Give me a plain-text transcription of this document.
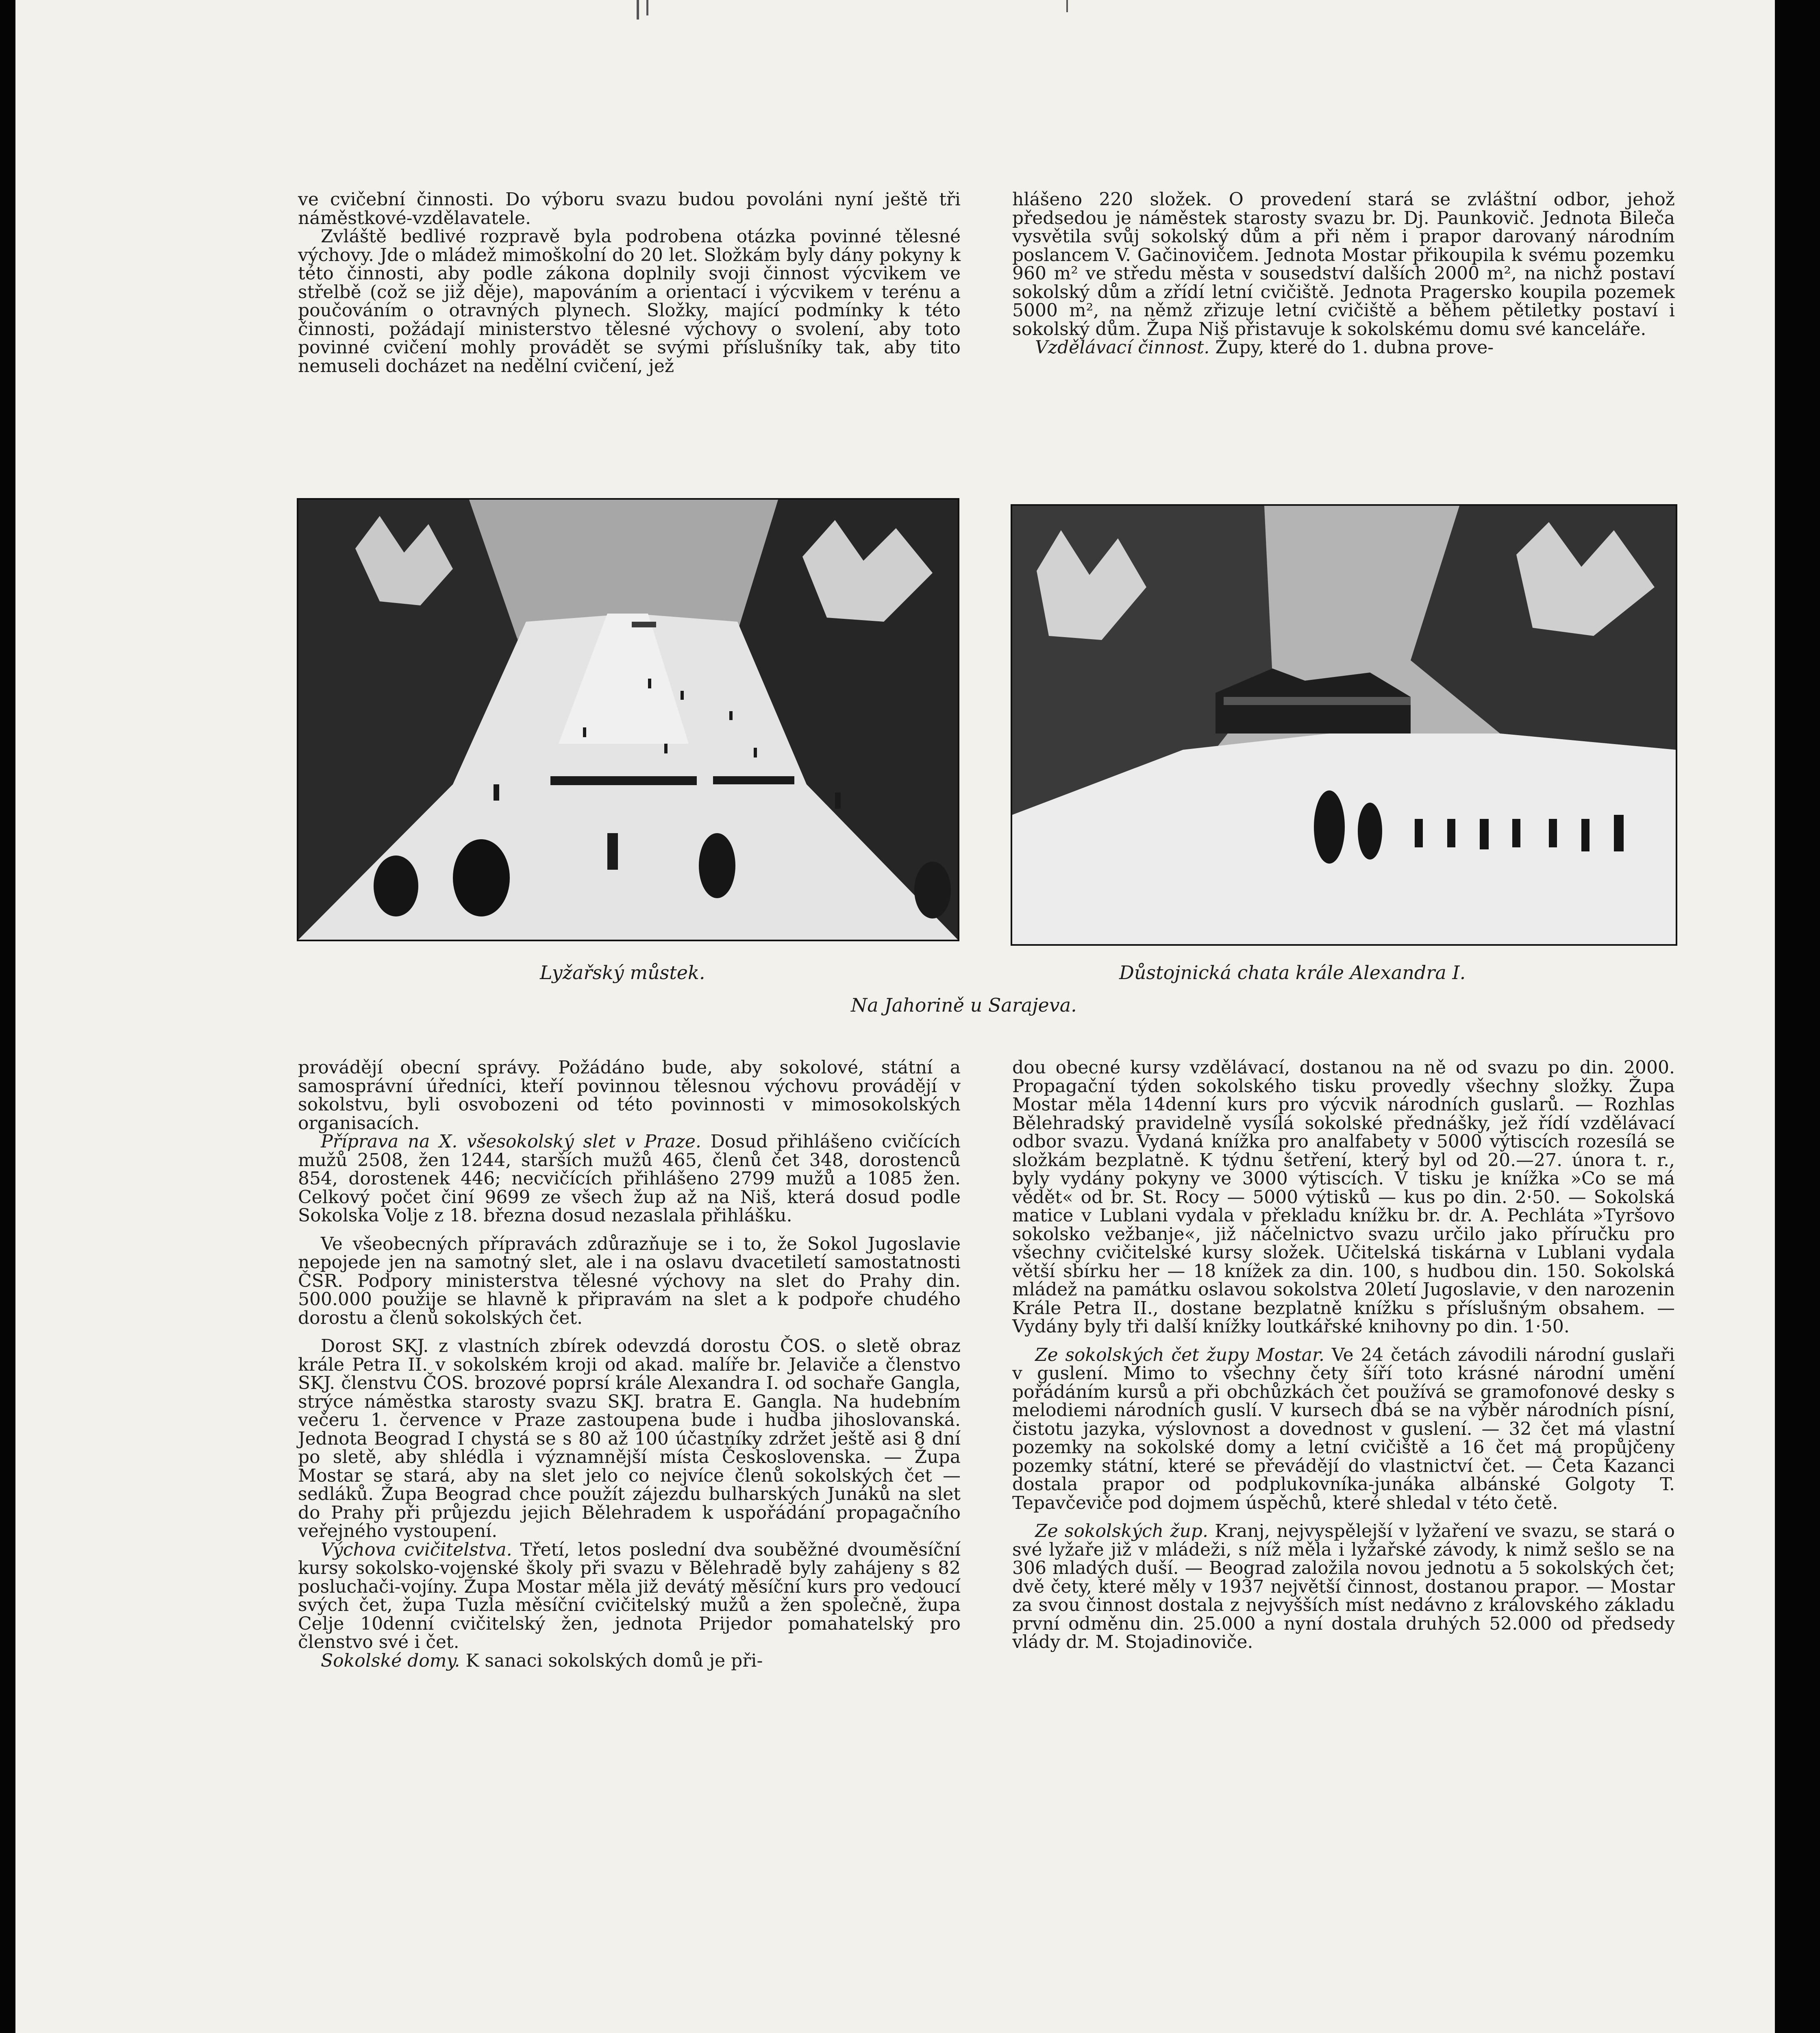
ve cvičební činnosti. Do výboru svazu budou povoláni nyní ještě tři náměstkové-vzdělavatele.

Zvláště bedlivé rozpravě byla podrobena otázka povinné tělesné výchovy. Jde o mládež mimoškolní do 20 let. Složkám byly dány pokyny k této činnosti, aby podle zákona doplnily svoji činnost výcvikem ve střelbě (což se již děje), mapováním a orientací i výcvikem v terénu a poučováním o otravných plynech. Složky, mající podmínky k této činnosti, požádají ministerstvo tělesné výchovy o svolení, aby toto povinné cvičení mohly provádět se svými příslušníky tak, aby tito nemuseli docházet na nedělní cvičení, jež

hlášeno 220 složek. O provedení stará se zvláštní odbor, jehož předsedou je náměstek starosty svazu br. Dj. Paunkovič. Jednota Bileča vysvětila svůj sokolský dům a při něm i prapor darovaný národním poslancem V. Gačinovičem. Jednota Mostar přikoupila k svému pozemku 960 m² ve středu města v sousedství dalších 2000 m², na nichž postaví sokolský dům a zřídí letní cvičiště. Jednota Pragersko koupila pozemek 5000 m², na němž zřizuje letní cvičiště a během pětiletky postaví i sokolský dům. Župa Niš přistavuje k sokolskému domu své kanceláře.

Vzdělávací činnost. Župy, které do 1. dubna prove-

Lyžařský můstek.	Důstojnická chata krále Alexandra I.
Na Jahorině u Sarajeva.

provádějí obecní správy. Požádáno bude, aby sokolové, státní a samosprávní úředníci, kteří povinnou tělesnou výchovu provádějí v sokolstvu, byli osvobozeni od této povinnosti v mimosokolských organisacích.

Příprava na X. všesokolský slet v Praze. Dosud přihlášeno cvičících mužů 2508, žen 1244, starších mužů 465, členů čet 348, dorostenců 854, dorostenek 446; necvičících přihlášeno 2799 mužů a 1085 žen. Celkový počet činí 9699 ze všech žup až na Niš, která dosud podle Sokolska Volje z 18. března dosud nezaslala přihlášku.

Ve všeobecných přípravách zdůrazňuje se i to, že Sokol Jugoslavie nepojede jen na samotný slet, ale i na oslavu dvacetiletí samostatnosti ČSR. Podpory ministerstva tělesné výchovy na slet do Prahy din. 500.000 použije se hlavně k připravám na slet a k podpoře chudého dorostu a členů sokolských čet.

Dorost SKJ. z vlastních zbírek odevzdá dorostu ČOS. o sletě obraz krále Petra II. v sokolském kroji od akad. malíře br. Jelaviče a členstvo SKJ. členstvu ČOS. brozové poprsí krále Alexandra I. od sochaře Gangla, strýce náměstka starosty svazu SKJ. bratra E. Gangla. Na hudebním večeru 1. července v Praze zastoupena bude i hudba jihoslovanská. Jednota Beograd I chystá se s 80 až 100 účastníky zdržet ještě asi 8 dní po sletě, aby shlédla i významnější místa Československa. — Župa Mostar se stará, aby na slet jelo co nejvíce členů sokolských čet — sedláků. Župa Beograd chce použít zájezdu bulharských Junáků na slet do Prahy při průjezdu jejich Bělehradem k uspořádání propagačního veřejného vystoupení.

Výchova cvičitelstva. Třetí, letos poslední dva souběžné dvouměsíční kursy sokolsko-vojenské školy při svazu v Bělehradě byly zahájeny s 82 posluchači-vojíny. Župa Mostar měla již devátý měsíční kurs pro vedoucí svých čet, župa Tuzla měsíční cvičitelský mužů a žen společně, župa Celje 10denní cvičitelský žen, jednota Prijedor pomahatelský pro členstvo své i čet.

Sokolské domy. K sanaci sokolských domů je při-

dou obecné kursy vzdělávací, dostanou na ně od svazu po din. 2000. Propagační týden sokolského tisku provedly všechny složky. Župa Mostar měla 14denní kurs pro výcvik národních guslarů. — Rozhlas Bělehradský pravidelně vysílá sokolské přednášky, jež řídí vzdělávací odbor svazu. Vydaná knížka pro analfabety v 5000 výtiscích rozesílá se složkám bezplatně. K týdnu šetření, který byl od 20.—27. února t. r., byly vydány pokyny ve 3000 výtiscích. V tisku je knížka »Co se má vědět« od br. St. Rocy — 5000 výtisků — kus po din. 2·50. — Sokolská matice v Lublani vydala v překladu knížku br. dr. A. Pechláta »Tyršovo sokolsko vežbanje«, již náčelnictvo svazu určilo jako příručku pro všechny cvičitelské kursy složek. Učitelská tiskárna v Lublani vydala větší sbírku her — 18 knížek za din. 100, s hudbou din. 150. Sokolská mládež na památku oslavou sokolstva 20letí Jugoslavie, v den narozenin Krále Petra II., dostane bezplatně knížku s příslušným obsahem. — Vydány byly tři další knížky loutkářské knihovny po din. 1·50.

Ze sokolských čet župy Mostar. Ve 24 četách závodili národní guslaři v guslení. Mimo to všechny čety šíří toto krásné národní umění pořádáním kursů a při obchůzkách čet používá se gramofonové desky s melodiemi národních guslí. V kursech dbá se na výběr národních písní, čistotu jazyka, výslovnost a dovednost v guslení. — 32 čet má vlastní pozemky na sokolské domy a letní cvičiště a 16 čet má propůjčeny pozemky státní, které se převádějí do vlastnictví čet. — Četa Kazanci dostala prapor od podplukovníka-junáka albánské Golgoty T. Tepavčeviče pod dojmem úspěchů, které shledal v této četě.

Ze sokolských žup. Kranj, nejvyspělejší v lyžaření ve svazu, se stará o své lyžaře již v mládeži, s níž měla i lyžařské závody, k nimž sešlo se na 306 mladých duší. — Beograd založila novou jednotu a 5 sokolských čet; dvě čety, které měly v 1937 největší činnost, dostanou prapor. — Mostar za svou činnost dostala z nejvyšších míst nedávno z královského základu první odměnu din. 25.000 a nyní dostala druhých 52.000 od předsedy vlády dr. M. Stojadinoviče.
